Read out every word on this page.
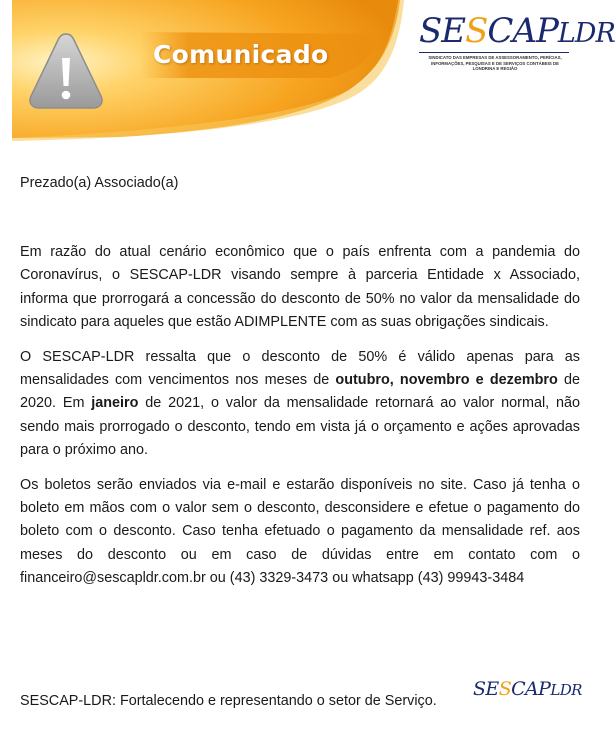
Comunicado
SESCAPLDR
SINDICATO DAS EMPRESAS DE ASSESSORAMENTO, PERÍCIAS, INFORMAÇÕES, PESQUISAS E DE SERVIÇOS CONTÁBEIS DE LONDRINA E REGIÃO

Prezado(a) Associado(a)

Em razão do atual cenário econômico que o país enfrenta com a pandemia do Coronavírus, o SESCAP-LDR visando sempre à parceria Entidade x Associado, informa que prorrogará a concessão do desconto de 50% no valor da mensalidade do sindicato para aqueles que estão ADIMPLENTE com as suas obrigações sindicais.

O SESCAP-LDR ressalta que o desconto de 50% é válido apenas para as mensalidades com vencimentos nos meses de outubro, novembro e dezembro de 2020. Em janeiro de 2021, o valor da mensalidade retornará ao valor normal, não sendo mais prorrogado o desconto, tendo em vista já o orçamento e ações aprovadas para o próximo ano.

Os boletos serão enviados via e-mail e estarão disponíveis no site. Caso já tenha o boleto em mãos com o valor sem o desconto, desconsidere e efetue o pagamento do boleto com o desconto. Caso tenha efetuado o pagamento da mensalidade ref. aos meses do desconto ou em caso de dúvidas entre em contato com o financeiro@sescapldr.com.br ou (43) 3329-3473 ou whatsapp (43) 99943-3484

SESCAP-LDR: Fortalecendo e representando o setor de Serviço.
SESCAPLDR
